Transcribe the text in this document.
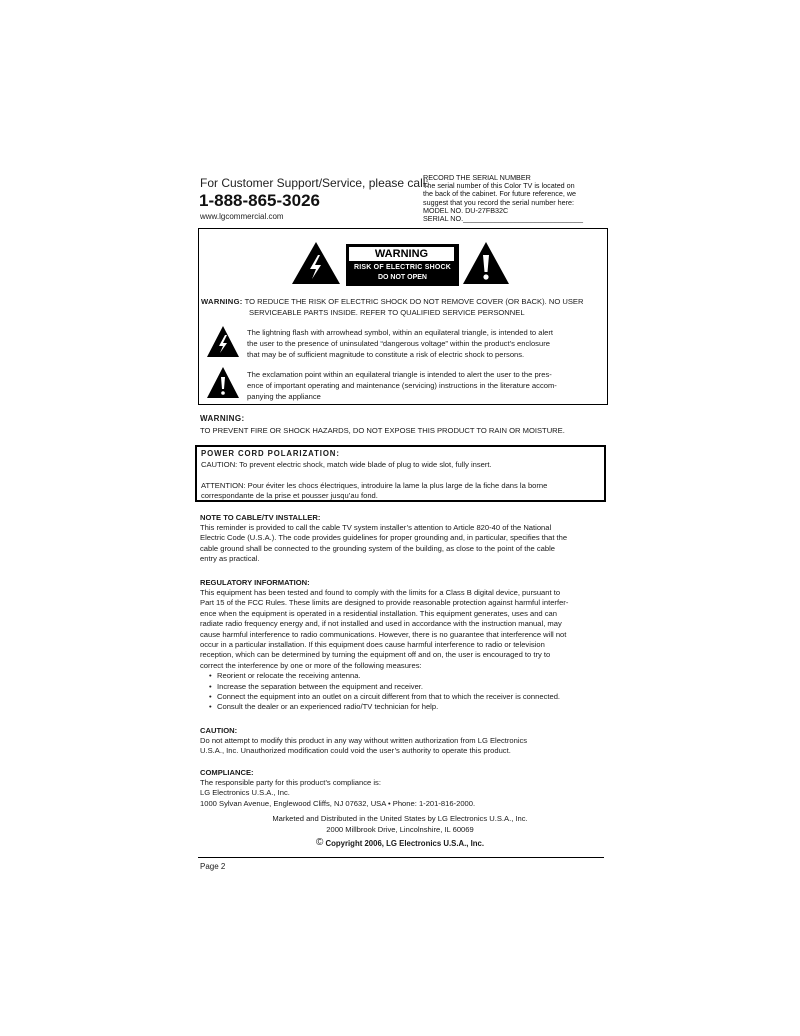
For Customer Support/Service, please call:
1-888-865-3026
www.lgcommercial.com
RECORD THE SERIAL NUMBER
The serial number of this Color TV is located on
the back of the cabinet. For future reference, we
suggest that you record the serial number here:
MODEL NO. DU-27FB32C
SERIAL NO.______________________________
WARNING
RISK OF ELECTRIC SHOCK
DO NOT OPEN
WARNING: TO REDUCE THE RISK OF ELECTRIC SHOCK DO NOT REMOVE COVER (OR BACK). NO USER
SERVICEABLE PARTS INSIDE. REFER TO QUALIFIED SERVICE PERSONNEL
The lightning flash with arrowhead symbol, within an equilateral triangle, is intended to alert
the user to the presence of uninsulated “dangerous voltage” within the product’s enclosure
that may be of sufficient magnitude to constitute a risk of electric shock to persons.
The exclamation point within an equilateral triangle is intended to alert the user to the pres-
ence of important operating and maintenance (servicing) instructions in the literature accom-
panying the appliance
WARNING:
TO PREVENT FIRE OR SHOCK HAZARDS, DO NOT EXPOSE THIS PRODUCT TO RAIN OR MOISTURE.
POWER CORD POLARIZATION:
CAUTION: To prevent electric shock, match wide blade of plug to wide slot, fully insert.
ATTENTION: Pour éviter les chocs électriques, introduire la lame la plus large de la fiche dans la borne
correspondante de la prise et pousser jusqu’au fond.
NOTE TO CABLE/TV INSTALLER:
This reminder is provided to call the cable TV system installer’s attention to Article 820-40 of the National
Electric Code (U.S.A.). The code provides guidelines for proper grounding and, in particular, specifies that the
cable ground shall be connected to the grounding system of the building, as close to the point of the cable
entry as practical.
REGULATORY INFORMATION:
This equipment has been tested and found to comply with the limits for a Class B digital device, pursuant to
Part 15 of the FCC Rules. These limits are designed to provide reasonable protection against harmful interfer-
ence when the equipment is operated in a residential installation. This equipment generates, uses and can
radiate radio frequency energy and, if not installed and used in accordance with the instruction manual, may
cause harmful interference to radio communications. However, there is no guarantee that interference will not
occur in a particular installation. If this equipment does cause harmful interference to radio or television
reception, which can be determined by turning the equipment off and on, the user is encouraged to try to
correct the interference by one or more of the following measures:
• Reorient or relocate the receiving antenna.
• Increase the separation between the equipment and receiver.
• Connect the equipment into an outlet on a circuit different from that to which the receiver is connected.
• Consult the dealer or an experienced radio/TV technician for help.
CAUTION:
Do not attempt to modify this product in any way without written authorization from LG Electronics
U.S.A., Inc. Unauthorized modification could void the user’s authority to operate this product.
COMPLIANCE:
The responsible party for this product’s compliance is:
LG Electronics U.S.A., Inc.
1000 Sylvan Avenue, Englewood Cliffs, NJ 07632, USA • Phone: 1-201-816-2000.
Marketed and Distributed in the United States by LG Electronics U.S.A., Inc.
2000 Millbrook Drive, Lincolnshire, IL 60069
© Copyright 2006, LG Electronics U.S.A., Inc.
Page 2
